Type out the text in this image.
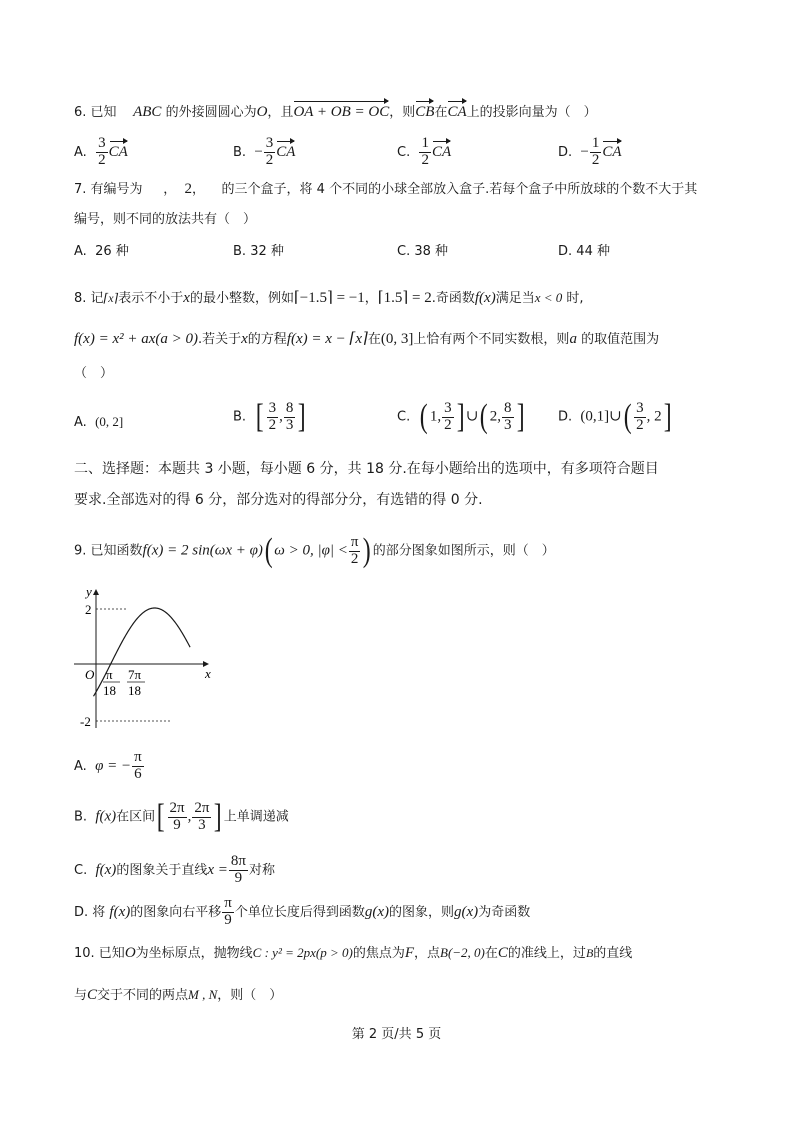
6. 已知 ABC 的外接圆圆心为O，且OA + OB = OC，则CB在CA上的投影向量为（　）
A. $\frac{3}{2}$ CA	B. − $\frac{3}{2}$ CA	C. $\frac{1}{2}$ CA	D. − $\frac{1}{2}$ CA
7. 有编号为 ， 2， 的三个盒子，将 4 个不同的小球全部放入盒子.若每个盒子中所放球的个数不大于其
编号，则不同的放法共有（　）
A. 26 种	B. 32 种	C. 38 种	D. 44 种
8. 记⌈x⌉表示不小于x的最小整数，例如⌈−1.5⌉ = −1，⌈1.5⌉ = 2.奇函数f(x)满足当x < 0 时,
f(x) = x² + ax(a > 0).若关于x的方程f(x) = x − ⌈x⌉在(0, 3]上恰有两个不同实数根，则a 的取值范围为
（　）
A. (0, 2]	B. [ $\frac{3}{2}$ , $\frac{8}{3}$ ]	C. ( 1, $\frac{3}{2}$ ] ∪( 2, $\frac{8}{3}$ ]	D. (0,1]∪( $\frac{3}{2}$ , 2]
二、选择题：本题共 3 小题，每小题 6 分，共 18 分.在每小题给出的选项中，有多项符合题目
要求.全部选对的得 6 分，部分选对的得部分分，有选错的得 0 分.
9. 已知函数f(x) = 2 sin(ωx + φ)( ω > 0, $|\varphi| < \frac{\pi}{2}$ ) 的部分图象如图所示，则（　）
y
x
O
2
-2
π
18
7π
18
A. φ = − $\frac{\pi}{6}$
B. f(x)在区间[ $\frac{2\pi}{9}$ , $\frac{2\pi}{3}$ ] 上单调递减
C. f(x)的图象关于直线$x = \frac{8\pi}{9}$ 对称
D. 将 f(x)的图象向右平移 $\frac{\pi}{9}$ 个单位长度后得到函数g(x)的图象，则g(x)为奇函数
10. 已知O为坐标原点，抛物线C : y² = 2px(p > 0)的焦点为F，点B(−2, 0)在C的准线上，过B的直线
与C交于不同的两点M , N，则（　）
第 2 页/共 5 页
